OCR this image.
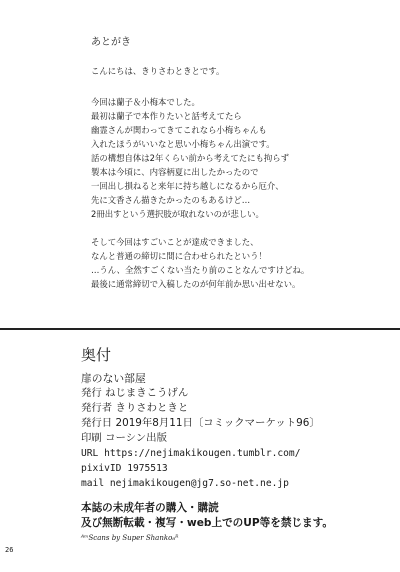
あとがき
こんにちは、きりさわときとです。
今回は蘭子＆小梅本でした。
最初は蘭子で本作りたいと話考えてたら
幽霊さんが関わってきてこれなら小梅ちゃんも
入れたほうがいいなと思い小梅ちゃん出演です。
話の構想自体は2年くらい前から考えてたにも拘らず
製本は今頃に、内容柄夏に出したかったので
一回出し損ねると来年に持ち越しになるから厄介、
先に文香さん描きたかったのもあるけど…
2冊出すという選択肢が取れないのが悲しい。
そして今回はすごいことが達成できました、
なんと普通の締切に間に合わせられたという！
…うん、全然すごくない当たり前のことなんですけどね。
最後に通常締切で入稿したのが何年前か思い出せない。
奥付
扉のない部屋
発行 ねじまきこうげん
発行者 きりさわときと
発行日 2019年8月11日〔コミックマーケット96〕
印刷 コーシン出版
URL https://nejimakikougen.tumblr.com/
pixivID 1975513
mail nejimakikougen@jg7.so-net.ne.jp
本誌の未成年者の購入・購読
及び無断転載・複写・web上でのUP等を禁じます。
ᴬᵐScans by Super Shanko₈ᴿ
26
